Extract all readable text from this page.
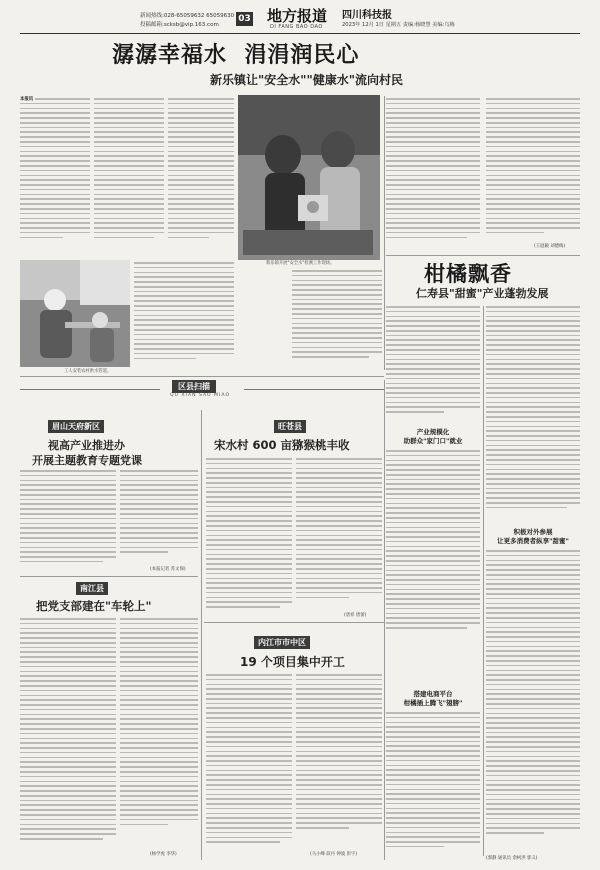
新闻热线:028-65059632 65059630
投稿邮箱:scksb@vip.163.com
03 地方报道
DI FANG BAO DAO
四川科技报
2023年 12月 1日 星期五 责编:杨晓慧 美编:乌梅
潺潺幸福水  涓涓润民心
新乐镇让"安全水""健康水"流向村民
本报讯
新乐镇开展"安全水"检测工作现场。
(王庭颖 刘德梅)
工人安装农村供水管道。
柑橘飘香
仁寿县"甜蜜"产业蓬勃发展
产业规模化
助群众"家门口"就业
搭建电商平台
柑橘插上腾飞"翅膀"
积极对外参展
让更多消费者纵享"甜蜜"
(郭静 通讯员 余柯洪 郭义)
区县扫描
QU XIAN SAO MIAO
眉山天府新区
视高产业推进办
开展主题教育专题党课
(本报记者 苏文保)
南江县
把党支部建在"车轮上"
(杨学虎 李华)
旺苍县
宋水村 600 亩猕猴桃丰收
(唐祥 唐蕾)
内江市市中区
19 个项目集中开工
(马小峰 段丹 钟波 彭宇)
